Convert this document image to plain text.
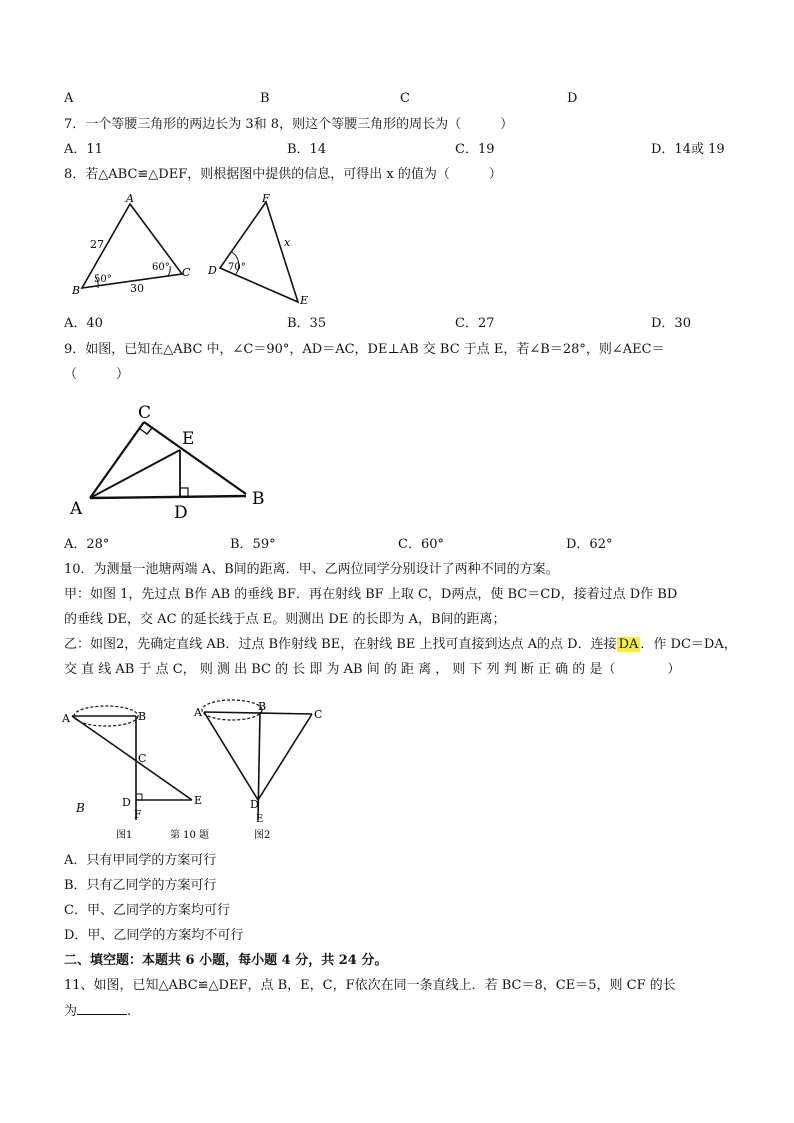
A	B	C	D
7．一个等腰三角形的两边长为 3和 8，则这个等腰三角形的周长为（　　　）
A．11	B．14	C．19	D．14或 19
8．若△ABC≌△DEF，则根据图中提供的信息，可得出 x 的值为（　　　）
A
B
C
27
30
50°
60°
F
D
E
x
70°
A．40	B．35	C．27	D．30
9．如图，已知在△ABC 中，∠C＝90°，AD＝AC，DE⊥AB 交 BC 于点 E，若∠B＝28°，则∠AEC＝
（　　　）
C
E
A	D
B
A．28°	B．59°	C．60°	D．62°
10．为测量一池塘两端 A、B间的距离．甲、乙两位同学分别设计了两种不同的方案。
甲：如图 1，先过点 B作 AB 的垂线 BF．再在射线 BF 上取 C，D两点，使 BC＝CD，接着过点 D作 BD
的垂线 DE，交 AC 的延长线于点 E。则测出 DE 的长即为 A，B间的距离；
乙：如图2，先确定直线 AB．过点 B作射线 BE，在射线 BE 上找可直接到达点 A的点 D．连接 DA ．作 DC＝DA，
交 直 线 AB 于 点 C， 则 测 出 BC 的 长 即 为 AB 间 的 距 离 ， 则 下 列 判 断 正 确 的 是（　　　　）
A	B
C
D	E
F
B
图1
A	B
C
D
E
第 10 题	图2
A．只有甲同学的方案可行
B．只有乙同学的方案可行
C．甲、乙同学的方案均可行
D．甲、乙同学的方案均不可行
二、填空题：本题共 6 小题，每小题 4 分，共 24 分。
11、如图，已知△ABC≌△DEF，点 B，E，C，F依次在同一条直线上．若 BC＝8，CE＝5，则 CF 的长
为	.
